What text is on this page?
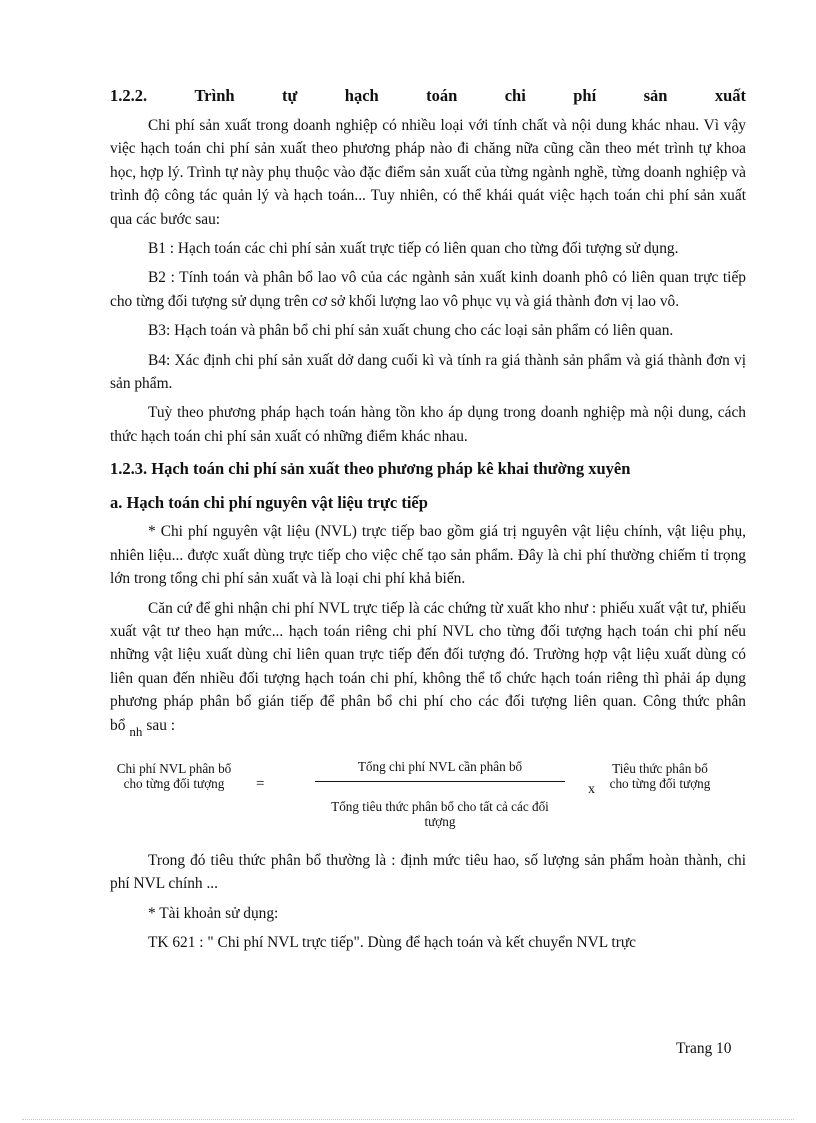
1.2.2.	Trình	tự	hạch	toán	chi	phí	sản	xuất

Chi phí sản xuất trong doanh nghiệp có nhiều loại với tính chất và nội dung khác nhau. Vì vậy việc hạch toán chi phí sản xuất theo phương pháp nào đi chăng nữa cũng cần theo mét trình tự khoa học, hợp lý. Trình tự này phụ thuộc vào đặc điểm sản xuất của từng ngành nghề, từng doanh nghiệp và trình độ công tác quản lý và hạch toán... Tuy nhiên, có thể khái quát việc hạch toán chi phí sản xuất qua các bước sau:

B1 : Hạch toán các chi phí sản xuất trực tiếp có liên quan cho từng đối tượng sử dụng.

B2 : Tính toán và phân bổ lao vô của các ngành sản xuất kinh doanh phô có liên quan trực tiếp cho từng đối tượng sử dụng trên cơ sở khối lượng lao vô phục vụ và giá thành đơn vị lao vô.

B3: Hạch toán và phân bổ chi phí sản xuất chung cho các loại sản phẩm có liên quan.

B4: Xác định chi phí sản xuất dở dang cuối kì và tính ra giá thành sản phẩm và giá thành đơn vị sản phẩm.

Tuỳ theo phương pháp hạch toán hàng tồn kho áp dụng trong doanh nghiệp mà nội dung, cách thức hạch toán chi phí sản xuất có những điểm khác nhau.

1.2.3. Hạch toán chi phí sản xuất theo phương pháp kê khai thường xuyên
a. Hạch toán chi phí nguyên vật liệu trực tiếp

* Chi phí nguyên vật liệu (NVL) trực tiếp bao gồm giá trị nguyên vật liệu chính, vật liệu phụ, nhiên liệu... được xuất dùng trực tiếp cho việc chế tạo sản phẩm. Đây là chi phí thường chiếm tỉ trọng lớn trong tổng chi phí sản xuất và là loại chi phí khả biến.

Căn cứ để ghi nhận chi phí NVL trực tiếp là các chứng từ xuất kho như : phiếu xuất vật tư, phiếu xuất vật tư theo hạn mức... hạch toán riêng chi phí NVL cho từng đối tượng hạch toán chi phí nếu những vật liệu xuất dùng chỉ liên quan trực tiếp đến đối tượng đó. Trường hợp vật liệu xuất dùng có liên quan đến nhiều đối tượng hạch toán chi phí, không thể tổ chức hạch toán riêng thì phải áp dụng phương pháp phân bổ gián tiếp để phân bổ chi phí cho các đối tượng liên quan. Công thức phân bổ $_{nh}$ sau :

Chi phí NVL phân bổ cho từng đối tượng	=
Tổng chi phí NVL cần phân bổ
Tổng tiêu thức phân bổ cho tất cả các đối tượng
x
Tiêu thức phân bổ cho từng đối tượng

Trong đó tiêu thức phân bổ thường là : định mức tiêu hao, số lượng sản phẩm hoàn thành, chi phí NVL chính ...

* Tài khoản sử dụng:

TK 621 : " Chi phí NVL trực tiếp". Dùng để hạch toán và kết chuyển NVL trực

Trang 10
